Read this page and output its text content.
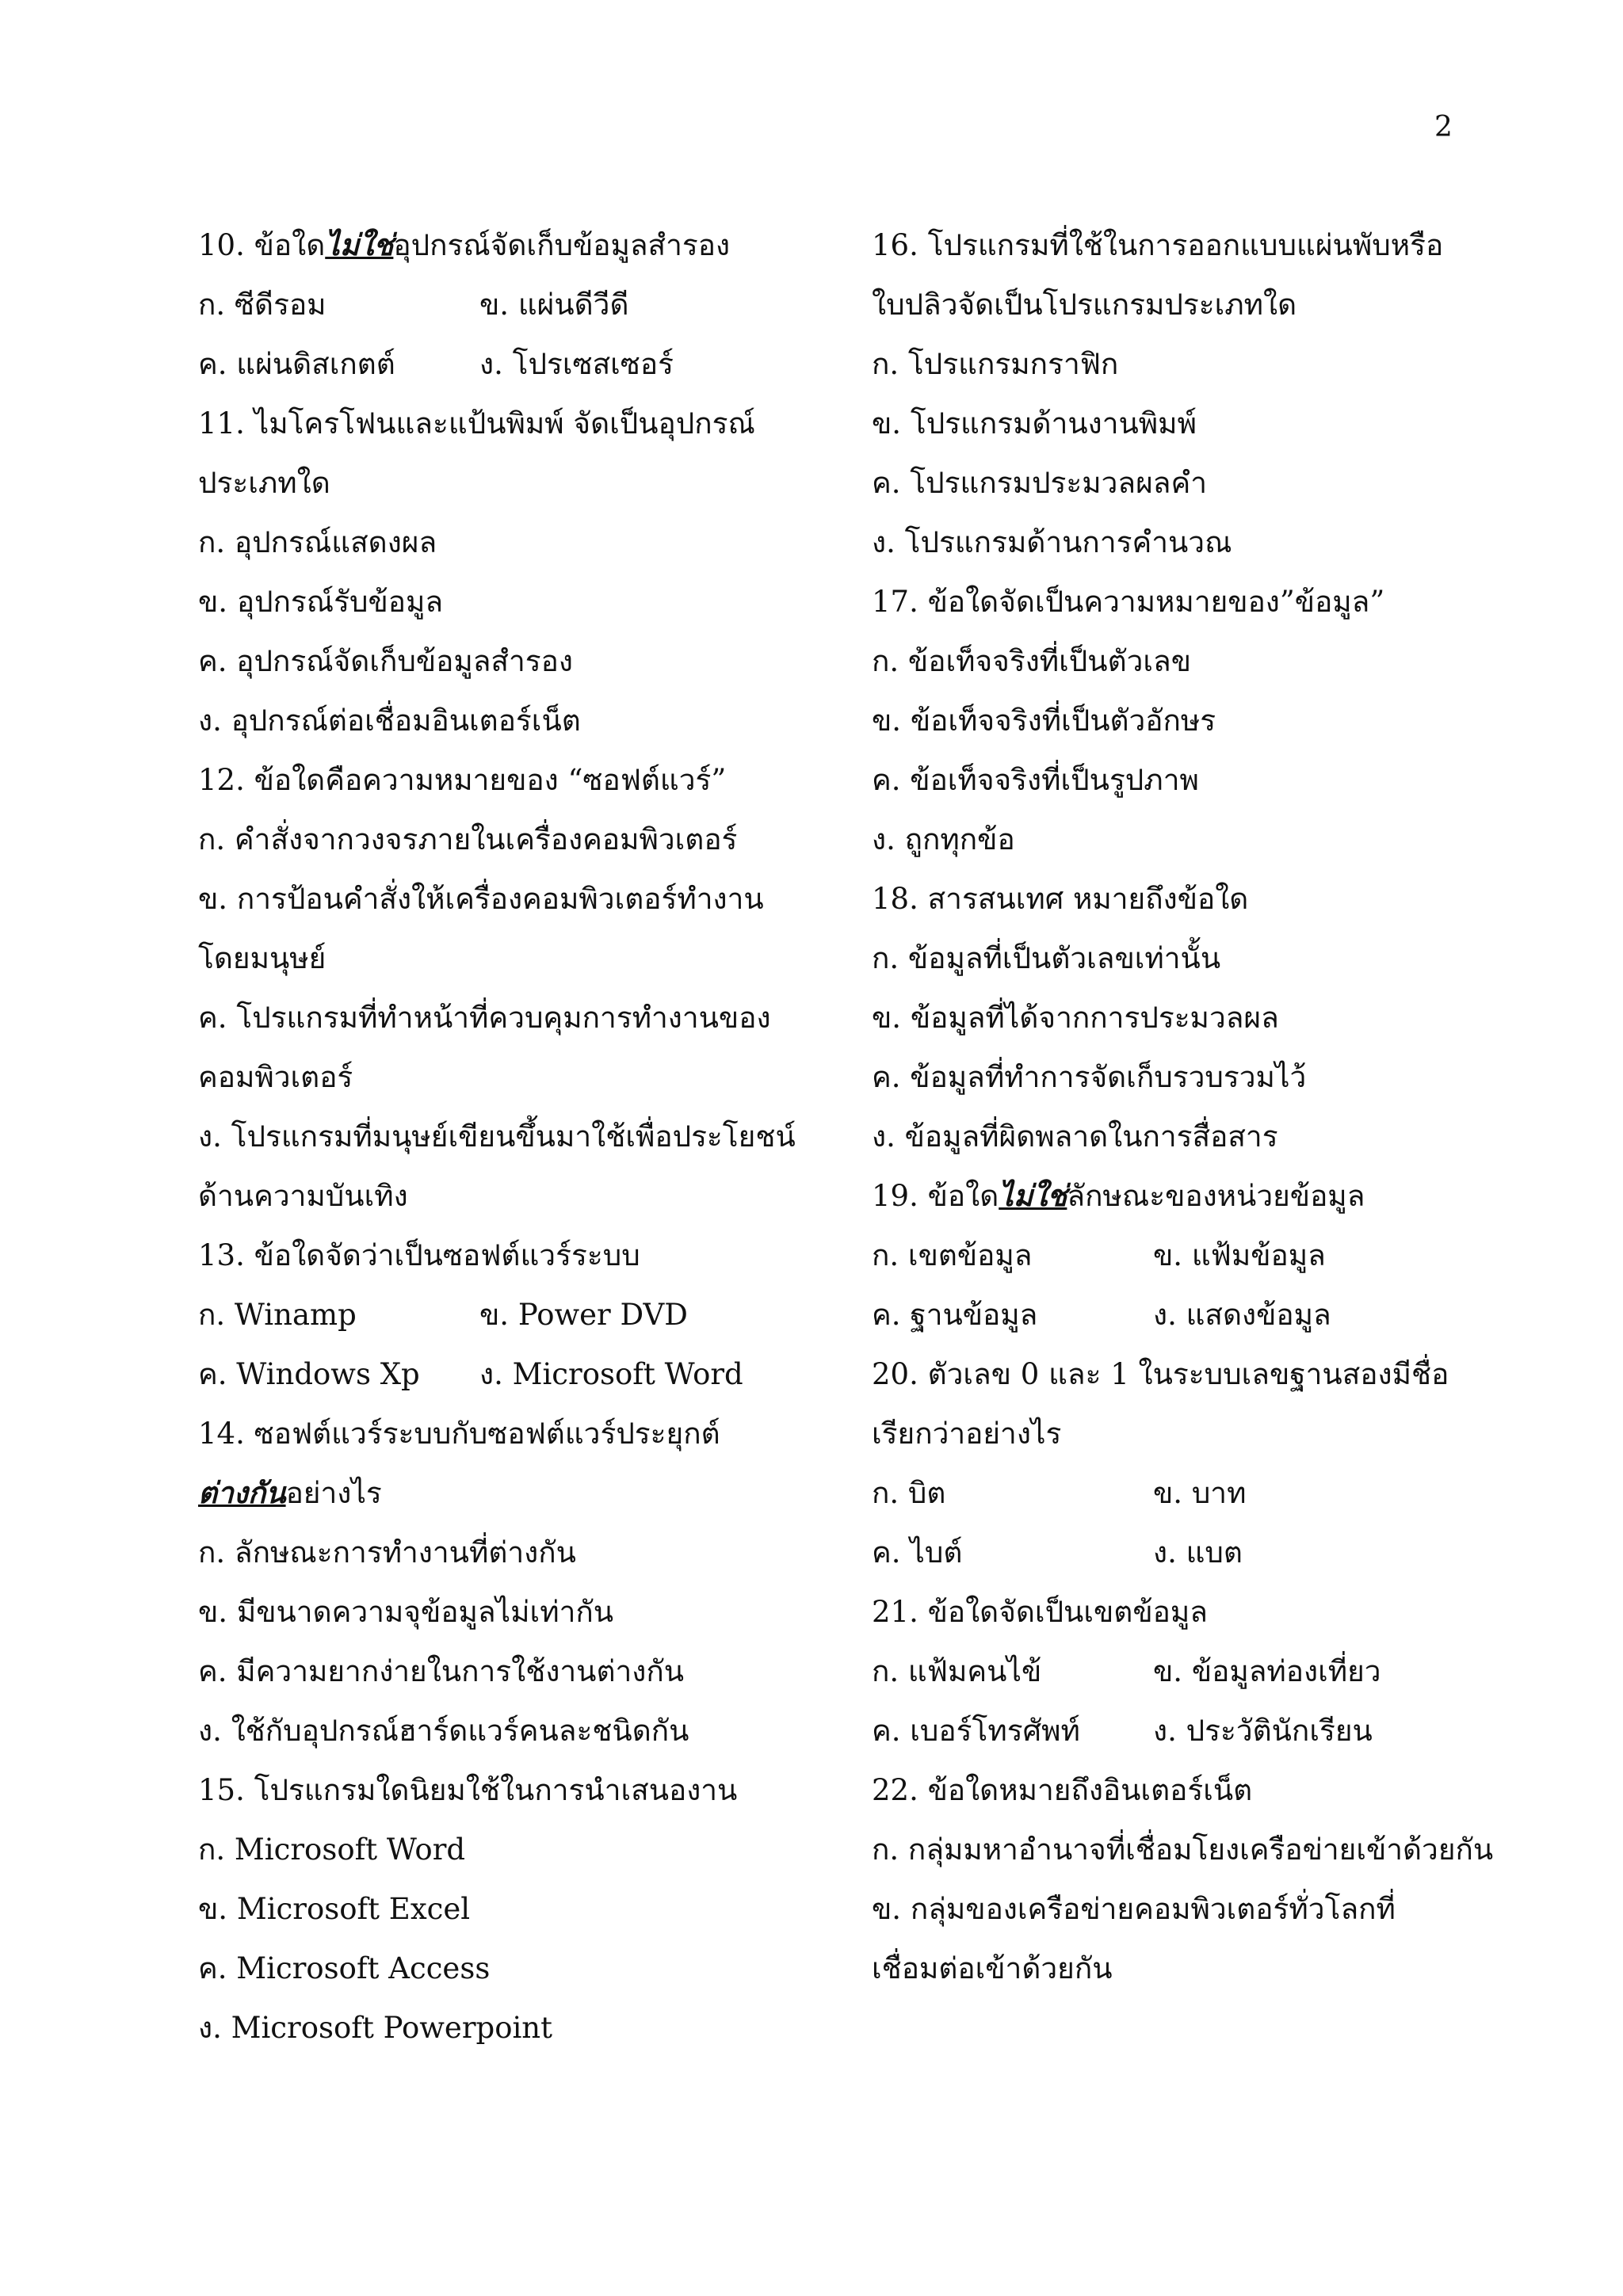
2
10. ข้อใดไม่ใช่อุปกรณ์จัดเก็บข้อมูลสำรอง
ก. ซีดีรอม	ข. แผ่นดีวีดี
ค. แผ่นดิสเกตต์	ง. โปรเซสเซอร์
11. ไมโครโฟนและแป้นพิมพ์ จัดเป็นอุปกรณ์
ประเภทใด
ก. อุปกรณ์แสดงผล
ข. อุปกรณ์รับข้อมูล
ค. อุปกรณ์จัดเก็บข้อมูลสำรอง
ง. อุปกรณ์ต่อเชื่อมอินเตอร์เน็ต
12. ข้อใดคือความหมายของ “ซอฟต์แวร์”
ก. คำสั่งจากวงจรภายในเครื่องคอมพิวเตอร์
ข. การป้อนคำสั่งให้เครื่องคอมพิวเตอร์ทำงาน
โดยมนุษย์
ค. โปรแกรมที่ทำหน้าที่ควบคุมการทำงานของ
คอมพิวเตอร์
ง. โปรแกรมที่มนุษย์เขียนขึ้นมาใช้เพื่อประโยชน์
ด้านความบันเทิง
13. ข้อใดจัดว่าเป็นซอฟต์แวร์ระบบ
ก. Winamp	ข. Power DVD
ค. Windows Xp	ง. Microsoft Word
14. ซอฟต์แวร์ระบบกับซอฟต์แวร์ประยุกต์
ต่างกันอย่างไร
ก. ลักษณะการทำงานที่ต่างกัน
ข. มีขนาดความจุข้อมูลไม่เท่ากัน
ค. มีความยากง่ายในการใช้งานต่างกัน
ง. ใช้กับอุปกรณ์ฮาร์ดแวร์คนละชนิดกัน
15. โปรแกรมใดนิยมใช้ในการนำเสนองาน
ก. Microsoft Word
ข. Microsoft Excel
ค. Microsoft Access
ง. Microsoft Powerpoint
16. โปรแกรมที่ใช้ในการออกแบบแผ่นพับหรือ
ใบปลิวจัดเป็นโปรแกรมประเภทใด
ก. โปรแกรมกราฟิก
ข. โปรแกรมด้านงานพิมพ์
ค. โปรแกรมประมวลผลคำ
ง. โปรแกรมด้านการคำนวณ
17. ข้อใดจัดเป็นความหมายของ”ข้อมูล”
ก. ข้อเท็จจริงที่เป็นตัวเลข
ข. ข้อเท็จจริงที่เป็นตัวอักษร
ค. ข้อเท็จจริงที่เป็นรูปภาพ
ง. ถูกทุกข้อ
18. สารสนเทศ หมายถึงข้อใด
ก. ข้อมูลที่เป็นตัวเลขเท่านั้น
ข. ข้อมูลที่ได้จากการประมวลผล
ค. ข้อมูลที่ทำการจัดเก็บรวบรวมไว้
ง. ข้อมูลที่ผิดพลาดในการสื่อสาร
19. ข้อใดไม่ใช่ลักษณะของหน่วยข้อมูล
ก. เขตข้อมูล	ข. แฟ้มข้อมูล
ค. ฐานข้อมูล	ง. แสดงข้อมูล
20. ตัวเลข 0 และ 1 ในระบบเลขฐานสองมีชื่อ
เรียกว่าอย่างไร
ก. บิต	ข. บาท
ค. ไบต์	ง. แบต
21. ข้อใดจัดเป็นเขตข้อมูล
ก. แฟ้มคนไข้	ข. ข้อมูลท่องเที่ยว
ค. เบอร์โทรศัพท์	ง. ประวัตินักเรียน
22. ข้อใดหมายถึงอินเตอร์เน็ต
ก. กลุ่มมหาอำนาจที่เชื่อมโยงเครือข่ายเข้าด้วยกัน
ข. กลุ่มของเครือข่ายคอมพิวเตอร์ทั่วโลกที่
เชื่อมต่อเข้าด้วยกัน
